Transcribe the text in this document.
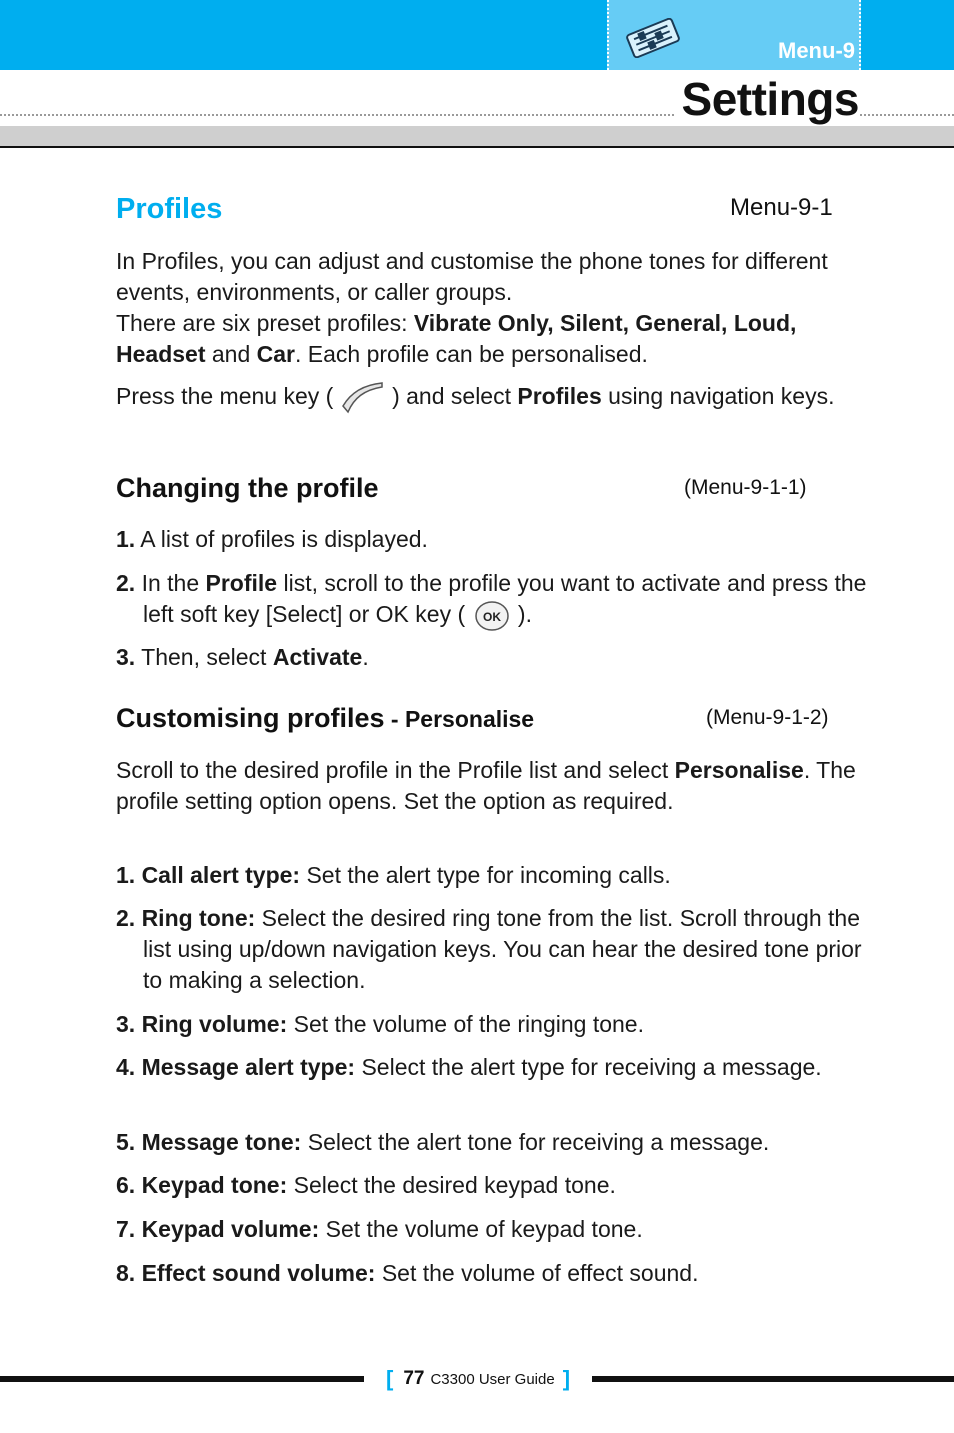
Menu-9
Settings
Profiles	Menu-9-1

In Profiles, you can adjust and customise the phone tones for different events, environments, or caller groups.
There are six preset profiles: Vibrate Only, Silent, General, Loud, Headset and Car. Each profile can be personalised.

Press the menu key (	) and select Profiles using navigation keys.

Changing the profile	(Menu-9-1-1)

1. A list of profiles is displayed.

2. In the Profile list, scroll to the profile you want to activate and press the left soft key [Select] or OK key ( OK ).

3. Then, select Activate.

Customising profiles - Personalise	(Menu-9-1-2)

Scroll to the desired profile in the Profile list and select Personalise. The profile setting option opens. Set the option as required.

1. Call alert type: Set the alert type for incoming calls.

2. Ring tone: Select the desired ring tone from the list. Scroll through the list using up/down navigation keys. You can hear the desired tone prior to making a selection.

3. Ring volume: Set the volume of the ringing tone.

4. Message alert type: Select the alert type for receiving a message.

5. Message tone: Select the alert tone for receiving a message.

6. Keypad tone: Select the desired keypad tone.

7. Keypad volume: Set the volume of keypad tone.

8. Effect sound volume: Set the volume of effect sound.

[ 77 C3300 User Guide ]
